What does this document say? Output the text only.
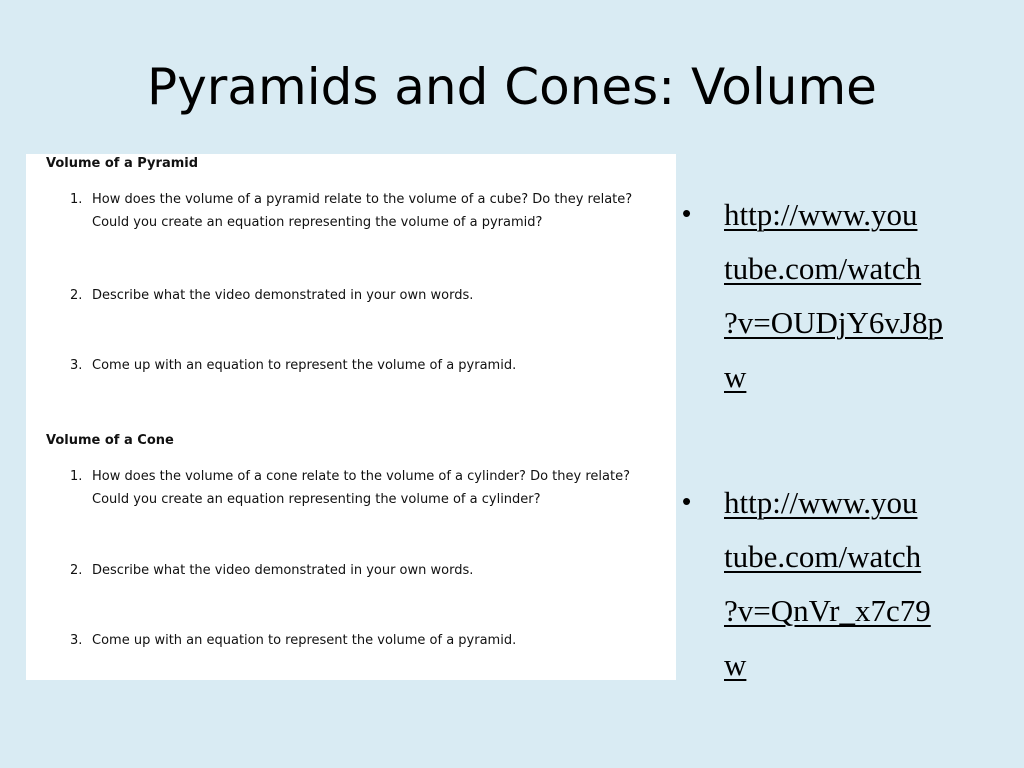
Pyramids and Cones: Volume
Volume of a Pyramid
1. How does the volume of a pyramid relate to the volume of a cube? Do they relate? Could you create an equation representing the volume of a pyramid?
2. Describe what the video demonstrated in your own words.
3. Come up with an equation to represent the volume of a pyramid.
Volume of a Cone
1. How does the volume of a cone relate to the volume of a cylinder? Do they relate? Could you create an equation representing the volume of a cylinder?
2. Describe what the video demonstrated in your own words.
3. Come up with an equation to represent the volume of a pyramid.
• http://www.you
tube.com/watch
?v=OUDjY6vJ8p
w
• http://www.you
tube.com/watch
?v=QnVr_x7c79
w
